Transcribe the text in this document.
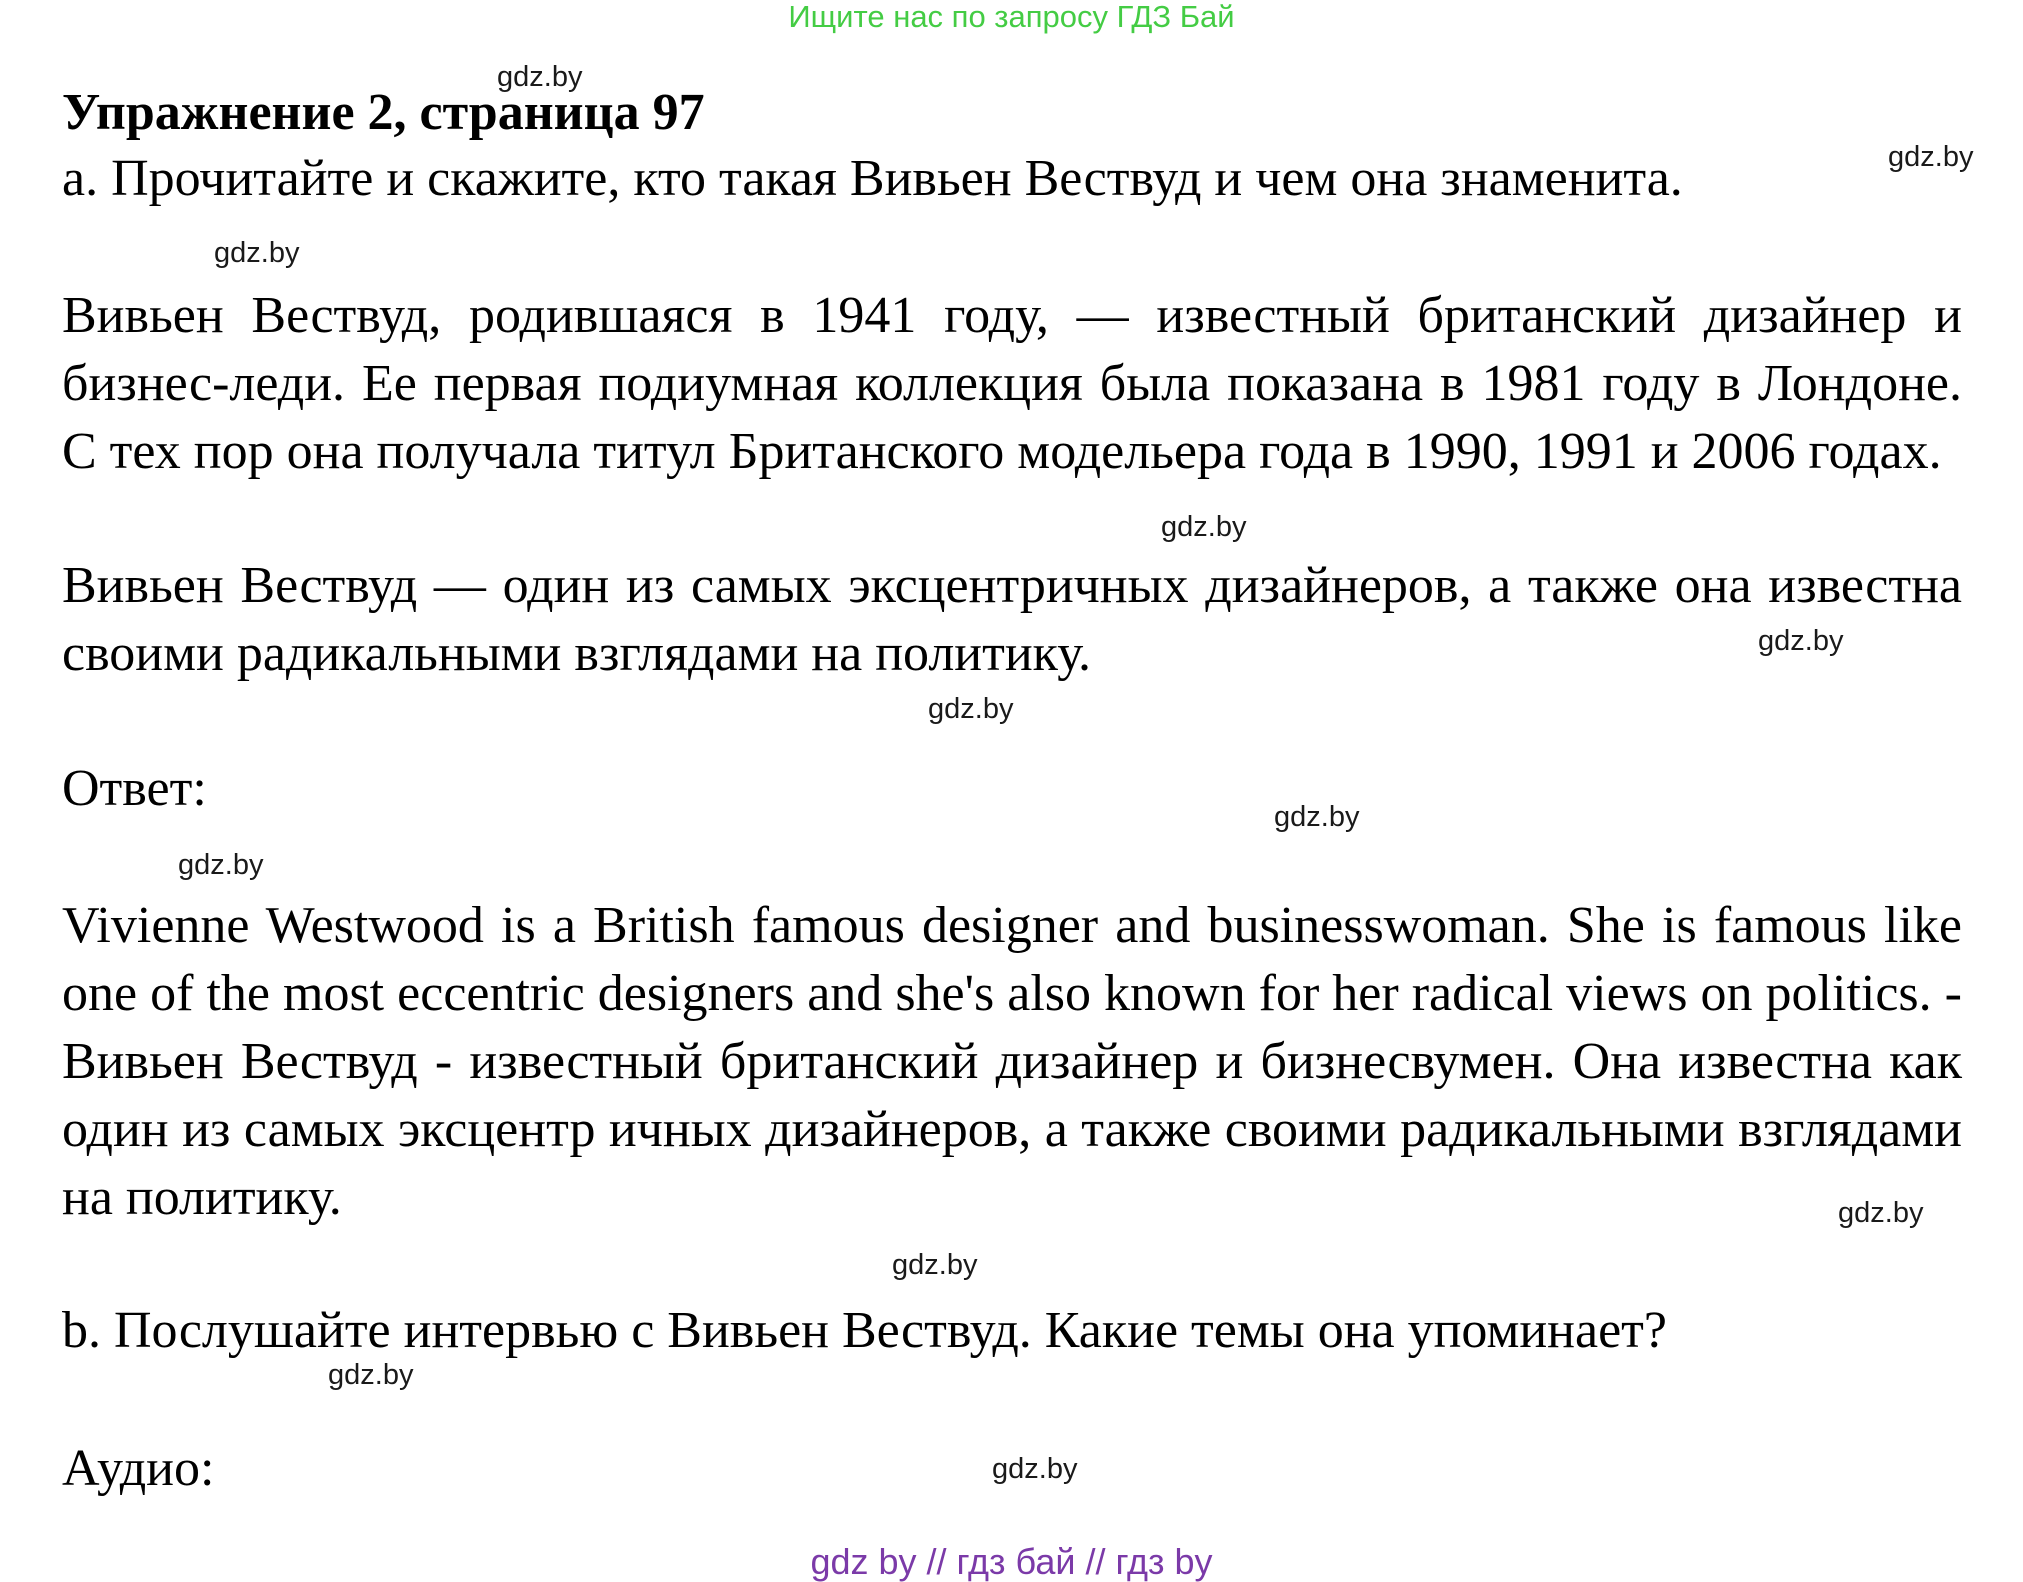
Ищите нас по запросу ГДЗ Бай
Упражнение 2, страница 97
a. Прочитайте и скажите, кто такая Вивьен Вествуд и чем она знаменита.
Вивьен Вествуд, родившаяся в 1941 году, — известный британский дизайнер и бизнес-леди. Ее первая подиумная коллекция была показана в 1981 году в Лондоне. С тех пор она получала титул Британского модельера года в 1990, 1991 и 2006 годах.
Вивьен Вествуд — один из самых эксцентричных дизайнеров, а также она известна своими радикальными взглядами на политику.
Ответ:
Vivienne Westwood is a British famous designer and businesswoman. She is famous like one of the most eccentric designers and she's also known for her radical views on politics. - Вивьен Вествуд - известный британский дизайнер и бизнесвумен. Она известна как один из самых эксцентр ичных дизайнеров, а также своими радикальными взглядами на политику.
b. Послушайте интервью с Вивьен Вествуд. Какие темы она упоминает?
Аудио:
gdz.by
gdz.by
gdz.by
gdz.by
gdz.by
gdz.by
gdz.by
gdz.by
gdz.by
gdz.by
gdz.by
gdz.by
gdz by // гдз бай // гдз by
